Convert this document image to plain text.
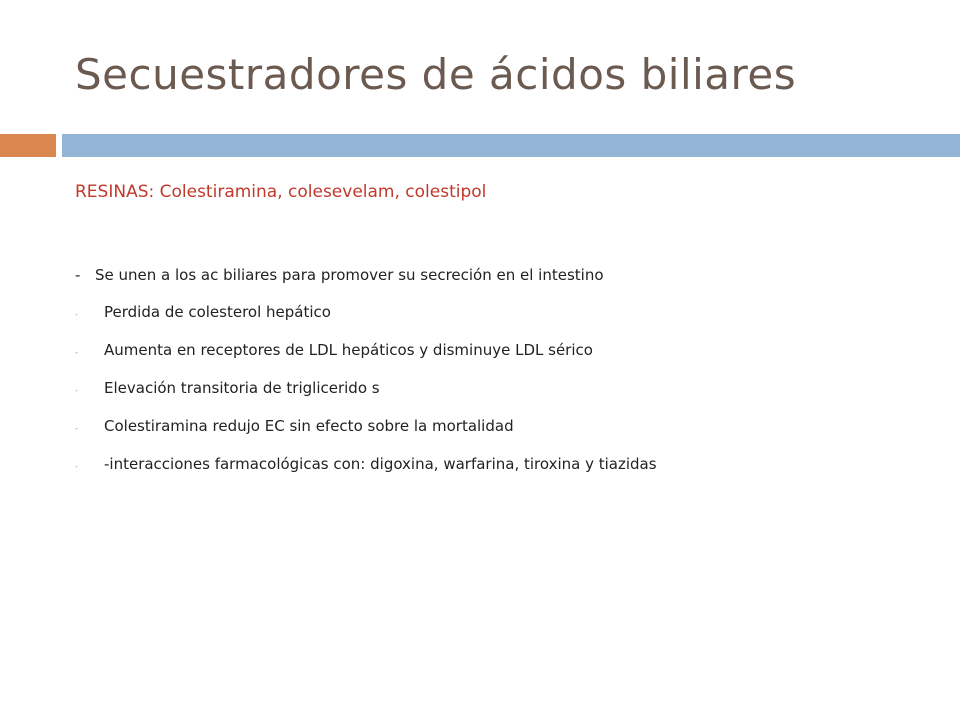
Secuestradores de ácidos biliares
RESINAS: Colestiramina, colesevelam, colestipol
- Se unen a los ac biliares para promover su secreción en el intestino
-	Perdida de colesterol hepático
-	Aumenta en receptores de LDL hepáticos y disminuye LDL sérico
-	Elevación transitoria de triglicerido s
-	Colestiramina redujo EC sin efecto sobre la mortalidad
-	-interacciones farmacológicas con: digoxina, warfarina, tiroxina y tiazidas
